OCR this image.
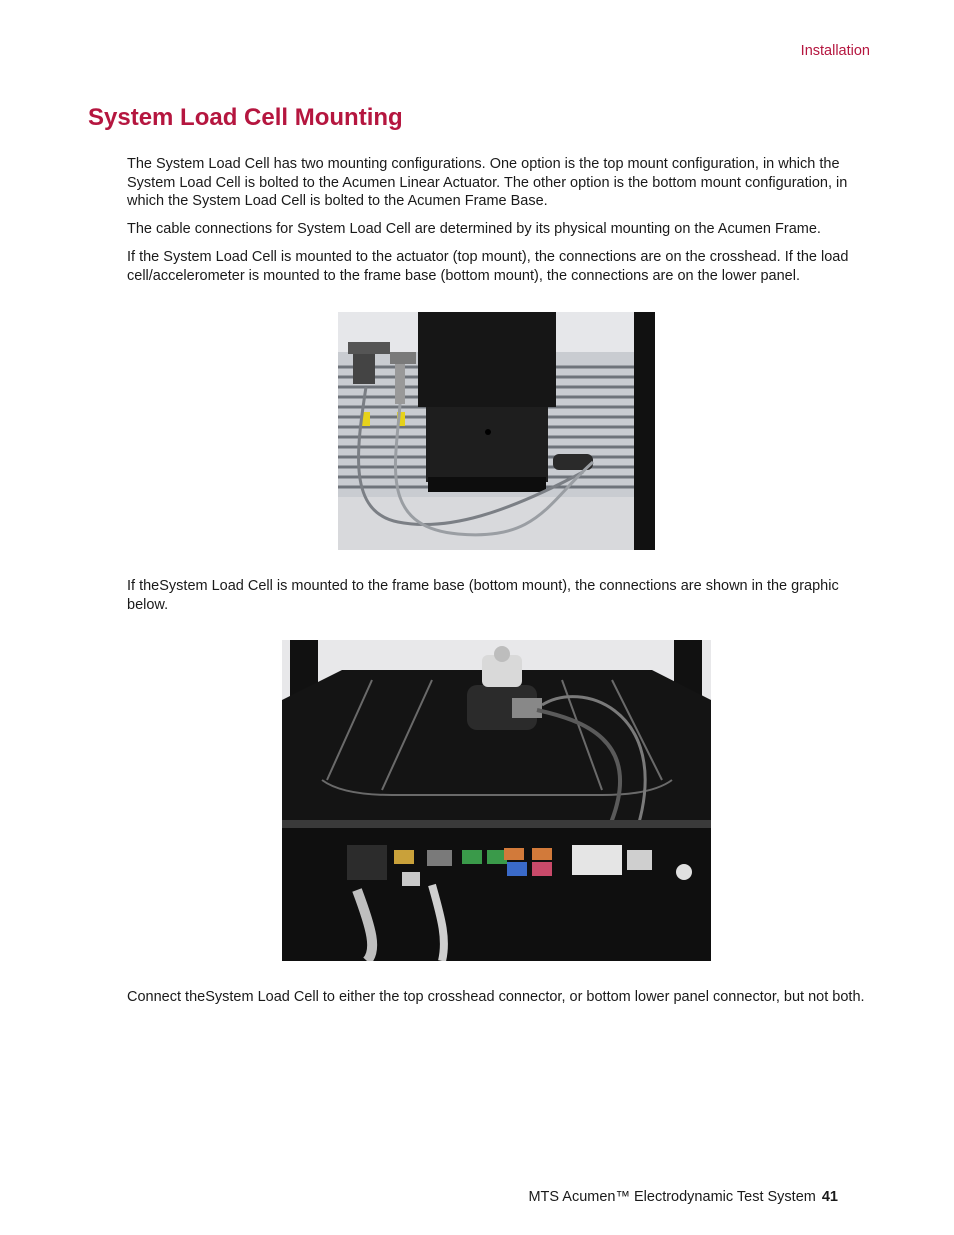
Installation
System Load Cell Mounting

The System Load Cell has two mounting configurations. One option is the top mount configuration, in which the System Load Cell is bolted to the Acumen Linear Actuator. The other option is the bottom mount configuration, in which the System Load Cell is bolted to the Acumen Frame Base.

The cable connections for System Load Cell are determined by its physical mounting on the Acumen Frame.

If the System Load Cell is mounted to the actuator (top mount), the connections are on the crosshead. If the load cell/accelerometer is mounted to the frame base (bottom mount), the connections are on the lower panel.

If theSystem Load Cell is mounted to the frame base (bottom mount), the connections are shown in the graphic below.

Connect theSystem Load Cell to either the top crosshead connector, or bottom lower panel connector, but not both.

MTS Acumen™ Electrodynamic Test System 41
